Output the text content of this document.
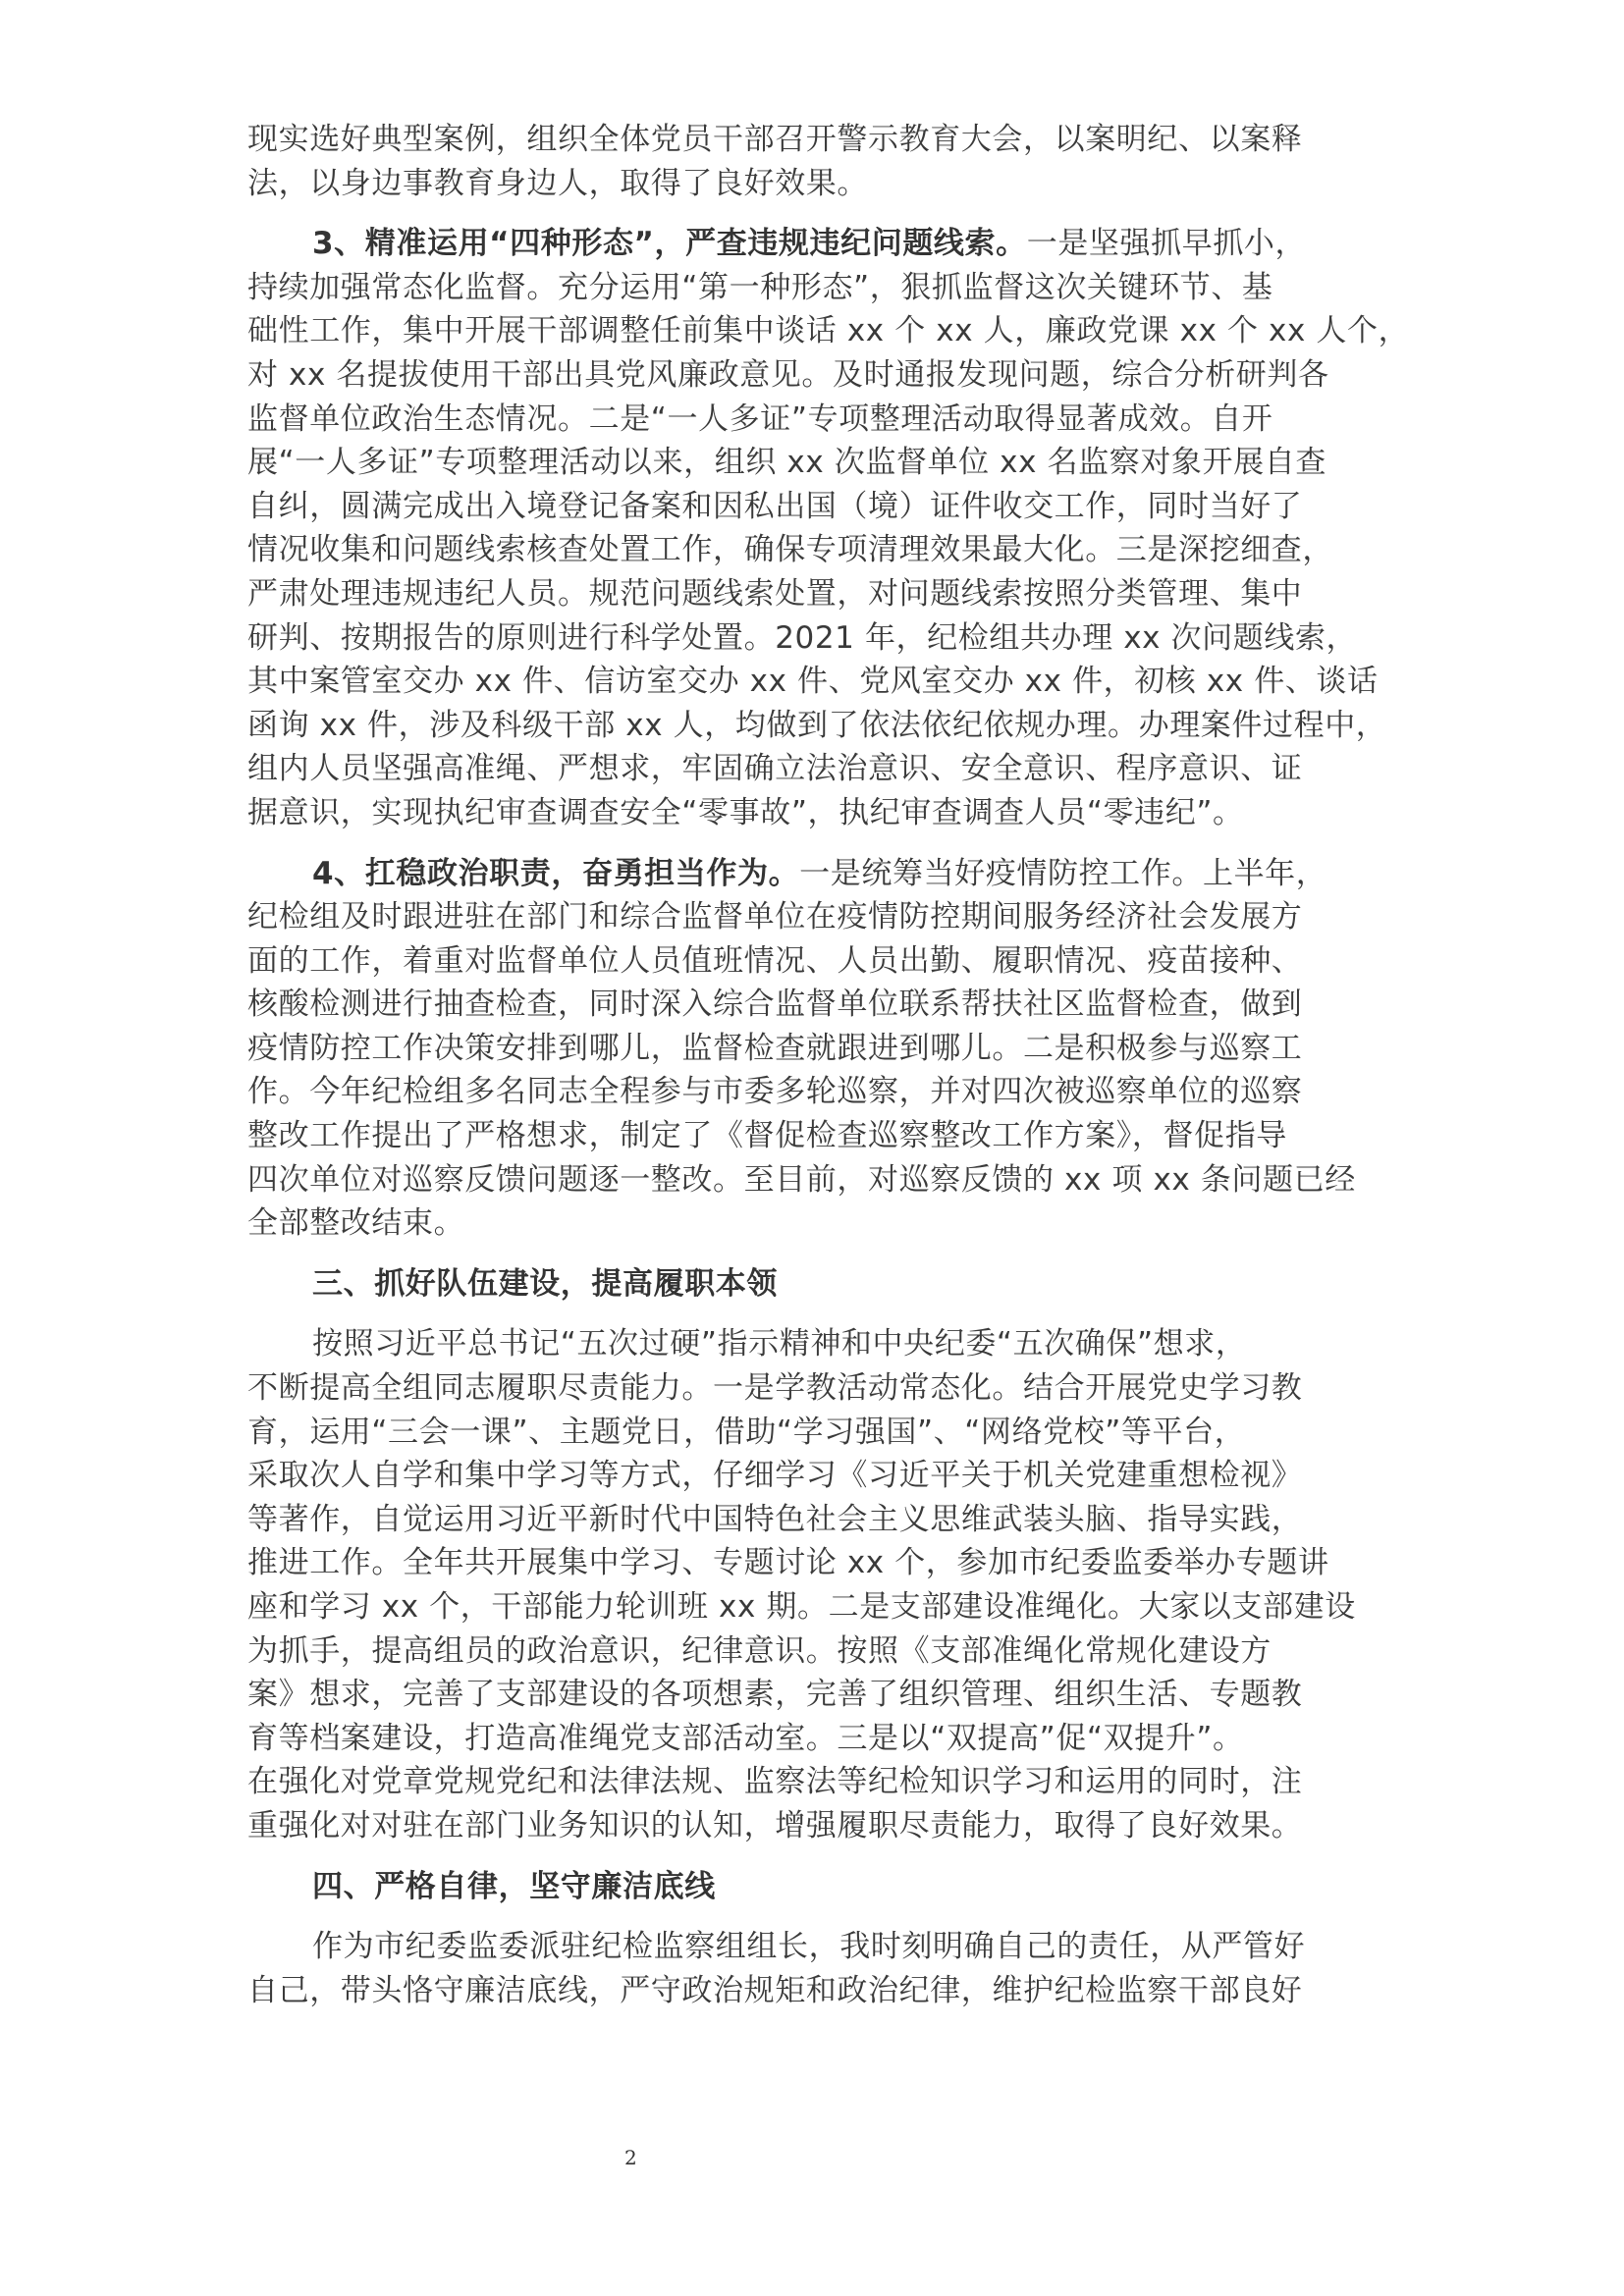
现实选好典型案例，组织全体党员干部召开警示教育大会，以案明纪、以案释
法，以身边事教育身边人，取得了良好效果。
3、精准运用“四种形态”，严查违规违纪问题线索。一是坚强抓早抓小，
持续加强常态化监督。充分运用“第一种形态”，狠抓监督这次关键环节、基
础性工作，集中开展干部调整任前集中谈话 xx 个 xx 人，廉政党课 xx 个 xx 人个，
对 xx 名提拔使用干部出具党风廉政意见。及时通报发现问题，综合分析研判各
监督单位政治生态情况。二是“一人多证”专项整理活动取得显著成效。自开
展“一人多证”专项整理活动以来，组织 xx 次监督单位 xx 名监察对象开展自查
自纠，圆满完成出入境登记备案和因私出国（境）证件收交工作，同时当好了
情况收集和问题线索核查处置工作，确保专项清理效果最大化。三是深挖细查，
严肃处理违规违纪人员。规范问题线索处置，对问题线索按照分类管理、集中
研判、按期报告的原则进行科学处置。2021 年，纪检组共办理 xx 次问题线索，
其中案管室交办 xx 件、信访室交办 xx 件、党风室交办 xx 件，初核 xx 件、谈话
函询 xx 件，涉及科级干部 xx 人，均做到了依法依纪依规办理。办理案件过程中，
组内人员坚强高准绳、严想求，牢固确立法治意识、安全意识、程序意识、证
据意识，实现执纪审查调查安全“零事故”，执纪审查调查人员“零违纪”。
4、扛稳政治职责，奋勇担当作为。一是统筹当好疫情防控工作。上半年，
纪检组及时跟进驻在部门和综合监督单位在疫情防控期间服务经济社会发展方
面的工作，着重对监督单位人员值班情况、人员出勤、履职情况、疫苗接种、
核酸检测进行抽查检查，同时深入综合监督单位联系帮扶社区监督检查，做到
疫情防控工作决策安排到哪儿，监督检查就跟进到哪儿。二是积极参与巡察工
作。今年纪检组多名同志全程参与市委多轮巡察，并对四次被巡察单位的巡察
整改工作提出了严格想求，制定了《督促检查巡察整改工作方案》，督促指导
四次单位对巡察反馈问题逐一整改。至目前，对巡察反馈的 xx 项 xx 条问题已经
全部整改结束。
三、抓好队伍建设，提高履职本领
按照习近平总书记“五次过硬”指示精神和中央纪委“五次确保”想求，
不断提高全组同志履职尽责能力。一是学教活动常态化。结合开展党史学习教
育，运用“三会一课”、主题党日，借助“学习强国”、“网络党校”等平台，
采取次人自学和集中学习等方式，仔细学习《习近平关于机关党建重想检视》
等著作，自觉运用习近平新时代中国特色社会主义思维武装头脑、指导实践，
推进工作。全年共开展集中学习、专题讨论 xx 个，参加市纪委监委举办专题讲
座和学习 xx 个，干部能力轮训班 xx 期。二是支部建设准绳化。大家以支部建设
为抓手，提高组员的政治意识，纪律意识。按照《支部准绳化常规化建设方
案》想求，完善了支部建设的各项想素，完善了组织管理、组织生活、专题教
育等档案建设，打造高准绳党支部活动室。三是以“双提高”促“双提升”。
在强化对党章党规党纪和法律法规、监察法等纪检知识学习和运用的同时，注
重强化对对驻在部门业务知识的认知，增强履职尽责能力，取得了良好效果。
四、严格自律，坚守廉洁底线
作为市纪委监委派驻纪检监察组组长，我时刻明确自己的责任，从严管好
自己，带头恪守廉洁底线，严守政治规矩和政治纪律，维护纪检监察干部良好
2
